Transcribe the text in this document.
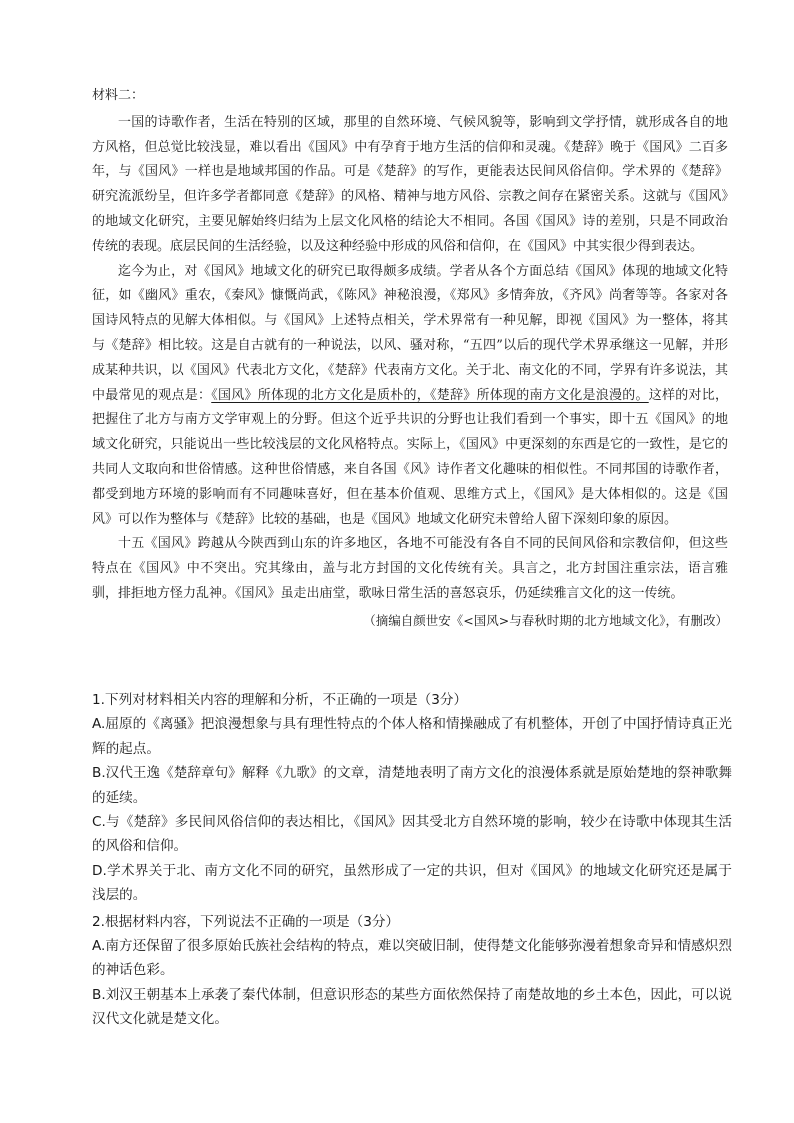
材料二：

一国的诗歌作者，生活在特别的区域，那里的自然环境、气候风貌等，影响到文学抒情，就形成各自的地方风格，但总觉比较浅显，难以看出《国风》中有孕育于地方生活的信仰和灵魂。《楚辞》晚于《国风》二百多年，与《国风》一样也是地域邦国的作品。可是《楚辞》的写作，更能表达民间风俗信仰。学术界的《楚辞》研究流派纷呈，但许多学者都同意《楚辞》的风格、精神与地方风俗、宗教之间存在紧密关系。这就与《国风》的地域文化研究，主要见解始终归结为上层文化风格的结论大不相同。各国《国风》诗的差别，只是不同政治传统的表现。底层民间的生活经验，以及这种经验中形成的风俗和信仰，在《国风》中其实很少得到表达。

迄今为止，对《国风》地域文化的研究已取得颇多成绩。学者从各个方面总结《国风》体现的地域文化特征，如《幽风》重农，《秦风》慷慨尚武，《陈风》神秘浪漫，《郑风》多情奔放，《齐风》尚奢等等。各家对各国诗风特点的见解大体相似。与《国风》上述特点相关，学术界常有一种见解，即视《国风》为一整体，将其与《楚辞》相比较。这是自古就有的一种说法，以风、骚对称，“五四”以后的现代学术界承继这一见解，并形成某种共识，以《国风》代表北方文化，《楚辞》代表南方文化。关于北、南文化的不同，学界有许多说法，其中最常见的观点是：《国风》所体现的北方文化是质朴的，《楚辞》所体现的南方文化是浪漫的。这样的对比，把握住了北方与南方文学审观上的分野。但这个近乎共识的分野也让我们看到一个事实，即十五《国风》的地域文化研究，只能说出一些比较浅层的文化风格特点。实际上，《国风》中更深刻的东西是它的一致性，是它的共同人文取向和世俗情感。这种世俗情感，来自各国《风》诗作者文化趣味的相似性。不同邦国的诗歌作者，都受到地方环境的影响而有不同趣味喜好，但在基本价值观、思维方式上，《国风》是大体相似的。这是《国风》可以作为整体与《楚辞》比较的基础，也是《国风》地域文化研究未曾给人留下深刻印象的原因。

十五《国风》跨越从今陕西到山东的许多地区，各地不可能没有各自不同的民间风俗和宗教信仰，但这些特点在《国风》中不突出。究其缘由，盖与北方封国的文化传统有关。具言之，北方封国注重宗法，语言雅驯，排拒地方怪力乱神。《国风》虽走出庙堂，歌咏日常生活的喜怒哀乐，仍延续雅言文化的这一传统。

（摘编自颜世安《<国风>与春秋时期的北方地域文化》，有删改）

1.下列对材料相关内容的理解和分析，不正确的一项是（3分）

A.屈原的《离骚》把浪漫想象与具有理性特点的个体人格和情操融成了有机整体，开创了中国抒情诗真正光辉的起点。

B.汉代王逸《楚辞章句》解释《九歌》的文章，清楚地表明了南方文化的浪漫体系就是原始楚地的祭神歌舞的延续。

C.与《楚辞》多民间风俗信仰的表达相比，《国风》因其受北方自然环境的影响，较少在诗歌中体现其生活的风俗和信仰。

D.学术界关于北、南方文化不同的研究，虽然形成了一定的共识，但对《国风》的地域文化研究还是属于浅层的。

2.根据材料内容，下列说法不正确的一项是（3分）

A.南方还保留了很多原始氏族社会结构的特点，难以突破旧制，使得楚文化能够弥漫着想象奇异和情感炽烈的神话色彩。

B.刘汉王朝基本上承袭了秦代体制，但意识形态的某些方面依然保持了南楚故地的乡土本色，因此，可以说汉代文化就是楚文化。
